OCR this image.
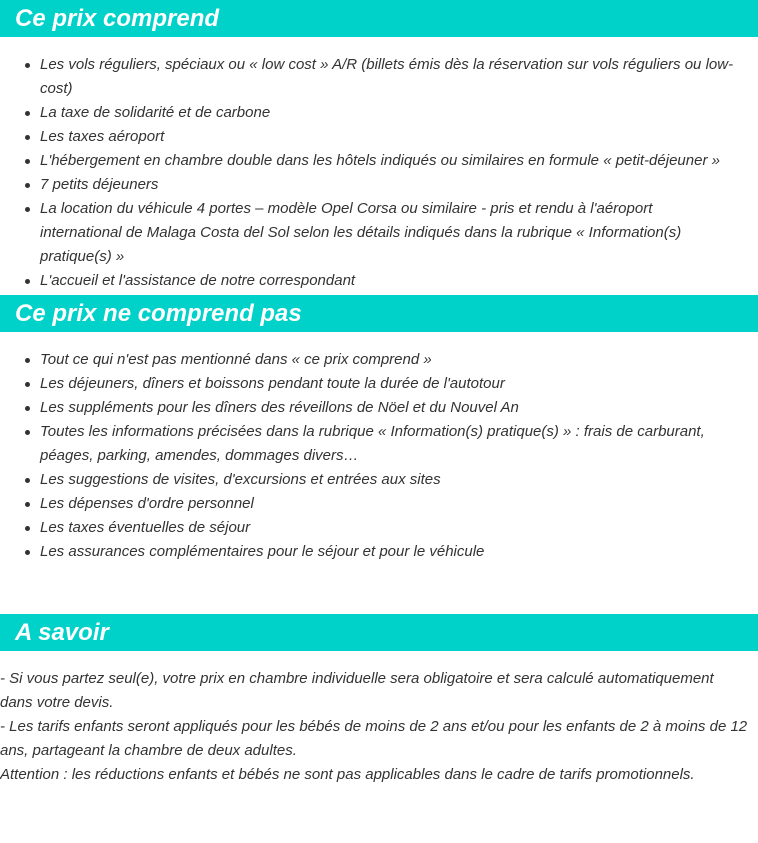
Ce prix comprend
Les vols réguliers, spéciaux ou « low cost » A/R (billets émis dès la réservation sur vols réguliers ou low-cost)
La taxe de solidarité et de carbone
Les taxes aéroport
L'hébergement en chambre double dans les hôtels indiqués ou similaires en formule « petit-déjeuner »
7 petits déjeuners
La location du véhicule 4 portes – modèle Opel Corsa ou similaire - pris et rendu à l'aéroport international de Malaga Costa del Sol selon les détails indiqués dans la rubrique « Information(s) pratique(s) »
L'accueil et l'assistance de notre correspondant
Ce prix ne comprend pas
Tout ce qui n'est pas mentionné dans « ce prix comprend »
Les déjeuners, dîners et boissons pendant toute la durée de l'autotour
Les suppléments pour les dîners des réveillons de Nöel et du Nouvel An
Toutes les informations précisées dans la rubrique « Information(s) pratique(s) » : frais de carburant, péages, parking, amendes, dommages divers…
Les suggestions de visites, d'excursions et entrées aux sites
Les dépenses d'ordre personnel
Les taxes éventuelles de séjour
Les assurances complémentaires pour le séjour et pour le véhicule
A savoir

- Si vous partez seul(e), votre prix en chambre individuelle sera obligatoire et sera calculé automatiquement dans votre devis.

- Les tarifs enfants seront appliqués pour les bébés de moins de 2 ans et/ou pour les enfants de 2 à moins de 12 ans, partageant la chambre de deux adultes.

Attention : les réductions enfants et bébés ne sont pas applicables dans le cadre de tarifs promotionnels.
